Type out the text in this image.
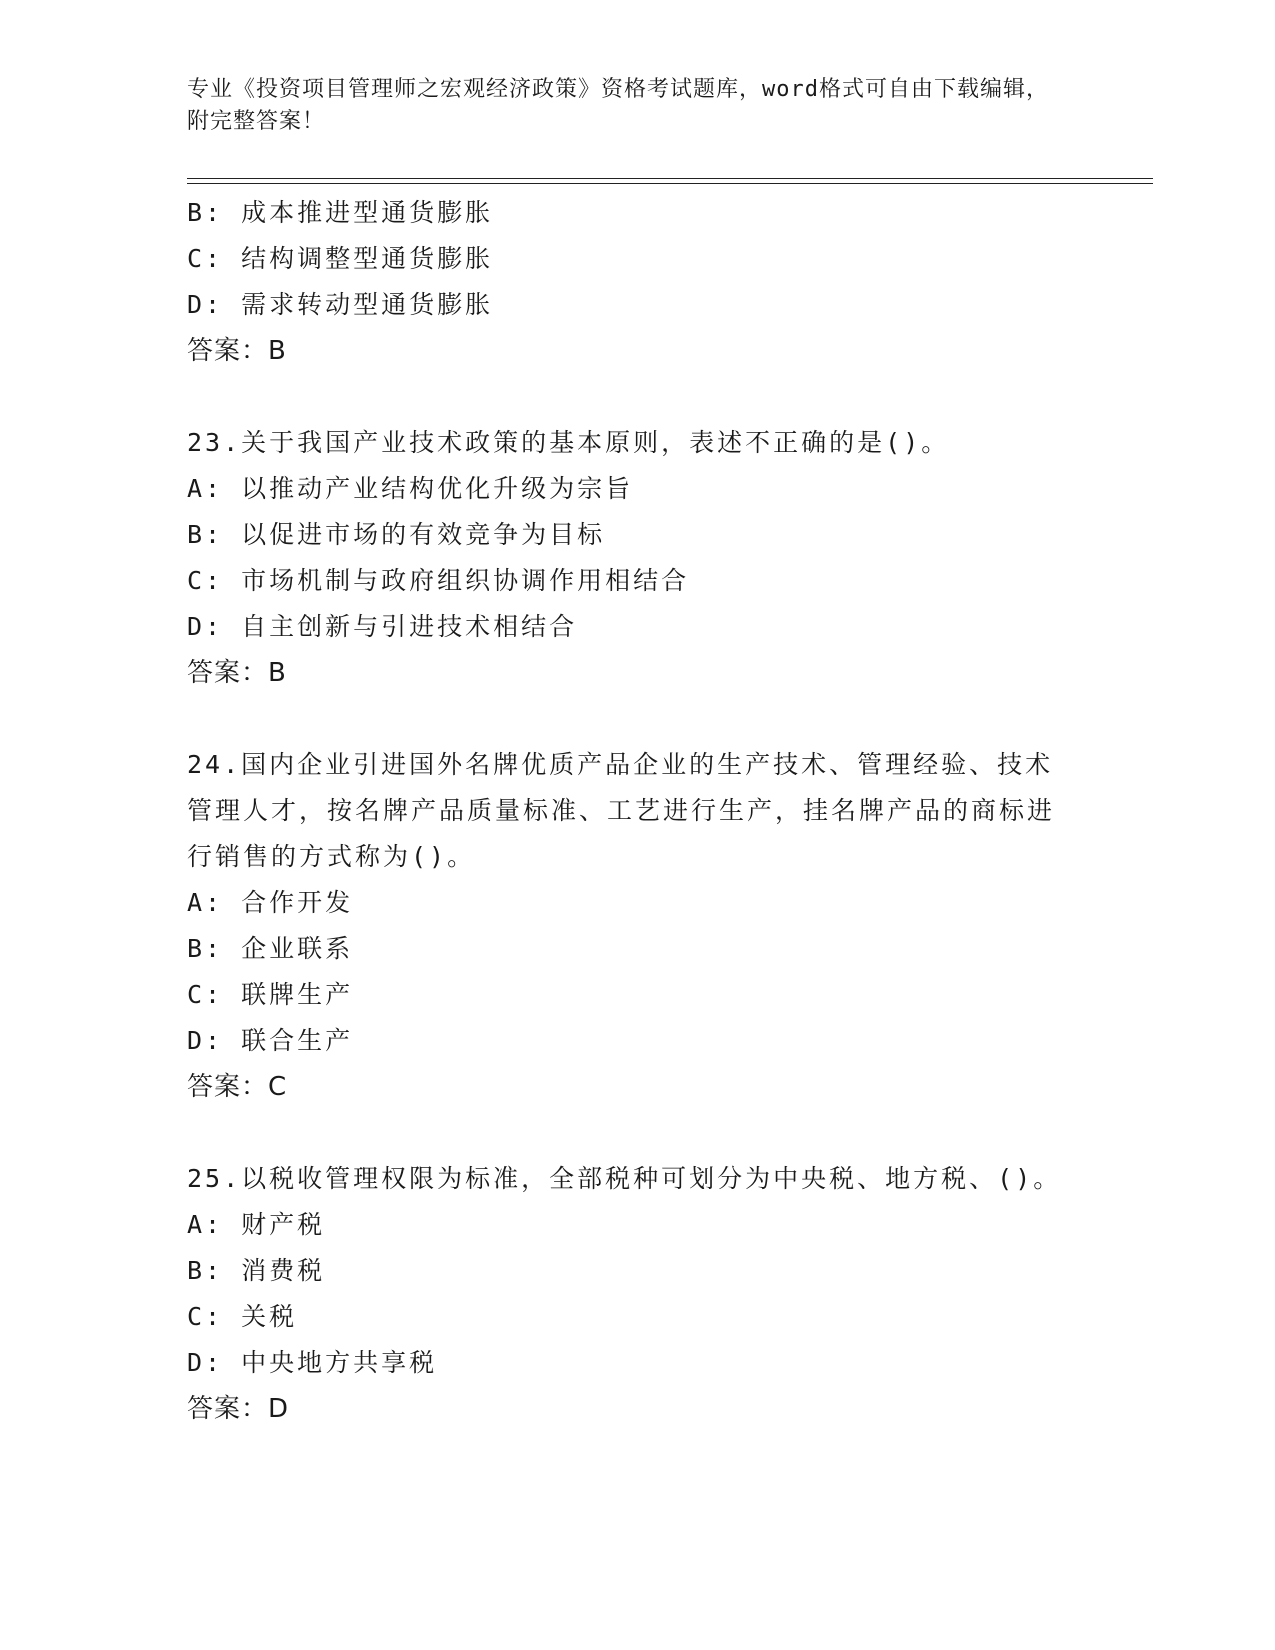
专业《投资项目管理师之宏观经济政策》资格考试题库，word格式可自由下载编辑，附完整答案！
B: 成本推进型通货膨胀
C: 结构调整型通货膨胀
D: 需求转动型通货膨胀
答案：B
23.关于我国产业技术政策的基本原则，表述不正确的是()。
A: 以推动产业结构优化升级为宗旨
B: 以促进市场的有效竞争为目标
C: 市场机制与政府组织协调作用相结合
D: 自主创新与引进技术相结合
答案：B
24.国内企业引进国外名牌优质产品企业的生产技术、管理经验、技术管理人才，按名牌产品质量标准、工艺进行生产，挂名牌产品的商标进行销售的方式称为()。
A: 合作开发
B: 企业联系
C: 联牌生产
D: 联合生产
答案：C
25.以税收管理权限为标准，全部税种可划分为中央税、地方税、()。
A: 财产税
B: 消费税
C: 关税
D: 中央地方共享税
答案：D
